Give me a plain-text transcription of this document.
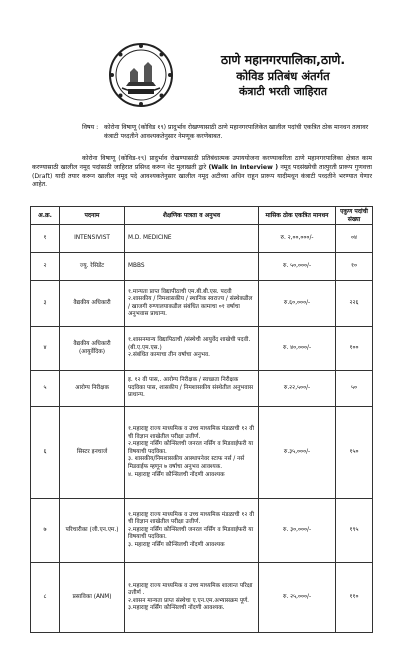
ठाणे महानगरपालिका,ठाणे.
कोविड प्रतिबंध अंतर्गत
कंत्राटी भरती जाहिरात
विषय : कोरोना विषाणू (कोविड १९) प्रादुर्भाव रोखण्यासाठी ठाणे महानगरपालिकेत खालील पदांची एकत्रित ठोक मानधन तत्वावर कंत्राटी पध्दतीने आवश्यकतेनुसार नेमणूक करणेबाबत.
कोरोना विषाणू (कोविड-१९) प्रादुर्भाव रोखण्यासाठी प्रतिबंधात्मक उपाययोजना करण्याकरिता ठाणे महानगरपालिका क्षेत्रात काम करण्यासाठी खालील नमूद पदांसाठी जाहिरात प्रसिध्द करून थेट मुलाखती द्वारे (Walk In Interview ) नमूद पदसंख्येची तात्पुरती प्रारूप गुणवत्ता (Draft) यादी तयार करून खालील नमूद पदे आवश्यकतेनुसार खालील नमूद अटीच्या अधिन राहून प्रारूप यादीमधून कंत्राटी पध्दतीने भरण्यात येणार आहेत.
अ.क्र.	पदनाम	शैक्षणिक पात्रता व अनुभव	मासिक ठोक एकत्रित मानधन	एकुण पदांची संख्या
१	INTENSIVIST	M.D. MEDICINE	रु. २,००,०००/-	०४
२	ज्यु. रेसिडेंट	MBBS	रु. ५०,०००/-	१०
३	वैद्यकीय अधिकारी	१.मान्यता प्राप्त विद्यापीठाची एम.बी.बी.एस. पदवी
२.शासकीय / निमशासकीय / स्थानिक स्वराज्य / संस्थेकडील / खाजगी रुग्णालयाकडील संबंधित कामाचा ०१ वर्षाचा अनुभवास प्राधान्य.	रु.६०,०००/-	२२६
४	वैद्यकीय अधिकारी (आयुर्वेदिक)	१.शासनमान्य विद्यापिठाची /संस्थेची आयुर्वेद शाखेची पदवी. (बी.ए.एम.एस.)
२.संबंधित कामाचा तीन वर्षाचा अनुभव.	रु. ४०,०००/-	१००
५	आरोग्य निरीक्षक	इ. १२ वी पास,. आरोग्य निरीक्षक / स्वच्छता निरीक्षक पदविका पास, शासकीय / निमशासकीय संस्थेतील अनुभवास प्राधान्य.	रु.२२,५००/-	५०
६	सिस्टर इनचार्ज	१.महाराष्ट्र राज्य माध्यमिक व उच्च माध्यमिक मंडळाची १२ वी ची विज्ञान शाखेतील परीक्षा उत्तीर्ण.
२.महाराष्ट्र नर्सिंग कौन्सिलची जनरल नर्सिंग व मिडवाईफरी या विषयाची पदविका.
३. शासकीय/निमशासकीय आस्थापनेवर स्टाफ नर्स / नर्स मिडवाईफ म्हणून ७ वर्षाचा अनुभव आवश्यक.
४. महाराष्ट्र नर्सिंग कौन्सिलची नोंदणी आवश्यक	रु.३५,०००/-	१५०
७	परिचारीका (जी.एन.एम.)	१.महाराष्ट्र राज्य माध्यमिक व उच्च माध्यमिक मंडळाची १२ वी ची विज्ञान शाखेतील परीक्षा उत्तीर्ण.
२.महाराष्ट्र नर्सिंग कौन्सिलची जनरल नर्सिंग व मिडवाईफरी या विषयाची पदविका.
३. महाराष्ट्र नर्सिंग कौन्सिलची नोंदणी आवश्यक	रु. ३०,०००/-	१९५
८	प्रसाविका (ANM)	१.महाराष्ट्र राज्य माध्यमिक व उच्च माध्यमिक शालान्त परिक्षा उत्तीर्ण .
२.शासन मान्यता प्राप्त संस्थेचा ए.एन.एम.अभ्यासक्रम पूर्ण.
३.महाराष्ट्र नर्सिंग कौन्सिलची नोंदणी आवश्यक.	रु. २५,०००/-	११०
